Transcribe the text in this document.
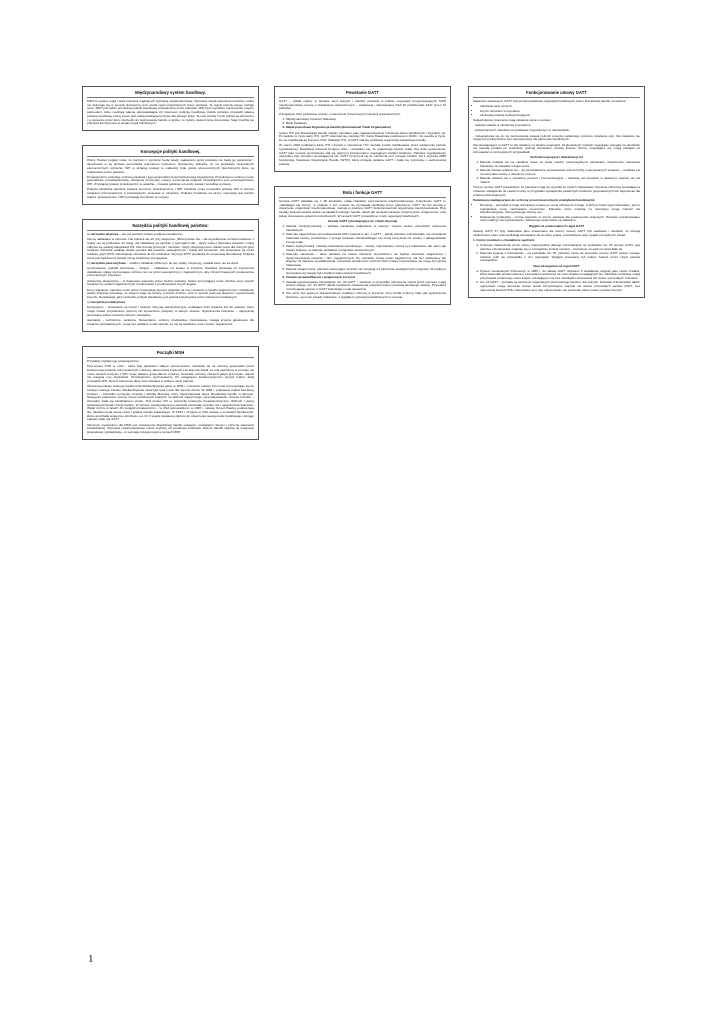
Międzynarodowy system handlowy.

MSH to system reguł i praw instytucji rządzących wymianą międzynarodową. Wymiana międzynarodowa towarów i usług nie dokonuje się w sposób chaotyczny lecz wedle reguł uzgodnionych przez państwa. Te reguły tworzą swego rodzaju ramy. MSH jest także pochodną polityki handlowej prowadzonej przez państwa. MSH jest wynikiem kompromisu między partnerami, które realizują własną odpowiadającą ich interesom politykę handlową. Każde państwo prowadzi własną politykę handlową, której celem jest maksymalizacja korzyści dla danego kraju. Te cele każdej z tych polityk są sprzeczne i w stosunku przez który dochodzi do zaprzestania handlu w Igdzie, co byłoby niekorzystne dla państw. Stąd zrodziła się potrzeba kompromisu w postaci reguł handlowych.

Koncepcje polityki handlowej.

Wolny Handel pogląd mówi, że korzyści z wymiany będą wtedy największe jeżeli państwa nie będą jej ograniczać i decydować w tej sprawie pozostawią podmiotom rynkowym. Zwolennicy twierdzą, że na podstawie racjonalnych ekonomicznych wyborów. WH w skrajnej postaci to całkowity brak granic ekonomicznych (kontrolnych) które są realizowane przez państwo.

Protekcjonizm: postuluje ochronę państwa i jego gospodarki przed konkurencją zagraniczną. Przedmiotem ochrony może gospodarka, przedsiębiorstwa, określone przemysły, towary, konsumpcja krajowa. Protekcjonizm jest przeciwieństwem WH. W skrajnej postaci protekcjonizm to autarkia – izolacja państwa od reszty świata i wszelkiej wymiany.

Polityka handlowa państwa zawiera elementy protekcjonizmu i WH. Państwa może prowadzić politykę WH w obrocie towarami przemysłowymi a protekcjonizm stosować w rolnictwie. Polityka handlowa od strony motywacji jest bardzo ważna -protekcjonizm i WH pozwalają zrozumieć te motywy.

Narzędzia polityki handlowej państwa:

a) narzędzia taryfowe – cła (od wartości towaru podanej na fakturze)

Cła są nakładane w imporcie. Nie pobiera się ich przy eksporcie. (Rzeczywiste cła – cła są pobierane od wielu towarów, z reguły nie są pobierane od usług; cła nakładane są zgodnie z wymogami UE – taryfy celne.) Wymiana towarów i usług odbywa się według klasyfikacji HS. Cła chronią przemysł i rolnictwo. Taryfy obejmują różne stawki celne dla różnych grup towarów. Państwa ustalają stawki wysokie dla towarów strategicznych i niskie dla surowców. Cła stosowane są coraz rzadziej, gdyż WTO zobowiązuje członków do ich obniżania. Wymogi WTO prowadzą do stopniowej liberalizacji. Polityka celna jest zależna od polityki celnej wspólnoty europejskiej.

b) narzędzia para-taryfowe – środki o działaniu zbliżonym do ceł; opłaty i depozyty, podatki które nie są cłami.

wyrównawcze podatki importowe – Aliquot – nakładane na towary w imporcie. Państwa pobierają od importerów dodatkowe opłaty wyrównujące różnicę cen na rynku wewnętrznym i zagranicznym, aby chronić krajowych producentów przed tańszym importem.

subwencje eksportowe – to finansowe wsparcie przez budżet państwa. Sektor korzystający może obniżać ceny swoich towarów na rynkach zagranicznych i konkurować z producentami innych krajów.

kursy walutowe: państwo może przez manipulację kursem wpływać na ceny towarów w handlu zagranicznym. Osłabienie waluty krajowej powoduje, że eksport staje się tańszy, a import droższy. Jest to sposób promocji eksportu i ograniczania importu. Dewaluacja, jako narzędzie polityki handlowej, jest jednak krytykowana przez partnerów handlowych.

c) narzędzia pozataryfowe

kontyngenty – stosowane na import i eksport. Decyzje administracyjne, ustalające ilość towarów lub ich wartość, które mogą zostać przywiezione (import) lub wywiezione (eksport) w danym okresie. Ograniczenia ilościowe – najczęściej stosowane wobec towarów rolnych i tekstyliów.

standardy – techniczne, sanitarne, fitosanitarne, ochrony środowiska. Ustanawiane zostają kryteria jakościowe dla towarów sprowadzanych, mogą być ustalane w taki sposób, że nie są spełniane przez towary zagraniczne.

Początki MSH

Przykłady utylitarnego protekcjonizmu:

Pod koniec XVIII w. USA – które były państwem słabym ekonomicznie, nastawiły się na ochronę gospodarki przed konkurencją towarów przemysłowych z Europy. Ekonomista Fryderyk List argumentował, że kraj opóźniony w rozwoju nie może odnieść korzyści z WH. Kraje słabsze gospodarczo powinny stosować ochronę młodych gałęzi przemysłu, dopóki nie osiągną one dojrzałości. Protekcjonizm wychowawczy. Po osiągnięciu konkurencyjności pozycji należy dalej prowadzić WH. Idea ta była przez długi czas wiodąca w polityce wielu państw.

Obszarną politykę wolnego handlu była Wielka Brytania gdzie w 1846 r. zniesiono ustawy Corn Law przyczyniając się do rozwoju wolnego handlu. Wielka Brytania otworzyła swój rynek dla importu zboża. W 1860 r. podpisano traktat handlowy Cobden – Chevalier pomiędzy Francją i Wielką Brytanią, który zapoczątkował okres liberalizacji handlu w Europie. Następnie podpisano szereg umów handlowych opartych na klauzuli najwyższego uprzywilejowania. Umowa Cobden – Chevalier stała się katalizatorem zmian. Pod koniec XIX w. powróciły tendencje protekcjonistyczne. Wybuch I wojny światowej przerwał rozwój handlu. W okresie międzywojennym państwa stosowały wysokie cła i ograniczenia ilościowe. Wielki kryzys w latach 30. pogłębił protekcjonizm – w USA wprowadzono w 1930 r. ustawę Smoot-Hawley podnoszącą cła. Skutkiem była wojna celna i spadek handlu światowego. W 1934 r. przyjęto w USA ustawę o umowach handlowych, która umożliwiła wzajemne obniżanie ceł. Po II wojnie światowej dążono do utworzenia nowego ładu handlowego, którego efektem stało się GATT.

Obecnym wyzwaniem dla MSH jest zwiększenie liberalizacji handlu usługami, produktami rolnymi i ochrona własności intelektualnej. Wymiana międzynarodowa rośnie szybciej niż produkcja światowa. Wzrost handlu wpływa na integrację gospodarek i globalizację, co wymaga rozwoju reguł w ramach MSH.

Powstanie GATT

GATT – (układ ogólny w sprawie taryf celnych i handlu) państwa w trakcie negocjacji przygotowujących MSH międzynarodową umowę o charakterze wielostronnym – podpisana i zainicjowana USA 30 października 1947 przez 23 państwa.

Z inicjatywy USA podpisano umowy o utworzeniu 3 kluczowych instytucji gospodarczych:

1. Międzynarodowy Fundusz Walutowy
2. Bank Światowy
3. Międzynarodowa Organizacja Handlu (International Trade Organization)

Celem ITO jest liberalizacja handlu między narodami, jako zagwarantowanie zniesienia barier handlowych i wysokich ceł. Po wejściu w życie karty ITO, GATT miał stać się częścią ITO. Karta Hawańska podpisana w 1948 r. nie weszła w życie, bo nie ratyfikował jej Kongres USA. Zabrakło ITO, a GATT stał się podstawą organizacji światowego handlu.

W marcu 1948 podpisano kartę ITO. Umowa o utworzeniu ITO musiała zostać ratyfikowana przez parlamenty państw sygnatariuszy. Ratyfikacji odmówił Kongres USA – obawiano się, że organizacja będzie miała zbyt duże uprawnienia. GATT jako umowa tymczasowa stał się jedynym instrumentem regulującym handel światowy. Państwa sygnatariusze nazywane były stronami umawiającymi się. GATT przyczynił się do obniżenia ceł i rozwoju handlu. Od 1 stycznia 1995 funkcjonuje Światowa Organizacja Handlu (WTO), która przejęła zadania GATT i stała się instytucją z osobowością prawną.

Rola i funkcje GATT

Umowa GATT składała się z 38 artykułów, miała charakter porozumienia międzyrządowego. Członkowie GATT to „układające się strony”, w związku z tym umowa nie wymagała ratyfikacji przez parlamenty. GATT nie był umową o utworzeniu organizacji międzynarodowej. Jednak w praktyce GATT funkcjonował jak organizacja międzynarodowa. Były zasady funkcjonowania oparte na ideałach wolnego handlu, takich jak niedyskryminacja, przejrzystość, wzajemność, oraz zakaz stosowania ograniczeń ilościowych. W ramach GATT prowadzono rundy negocjacji handlowych.

Zasady GATT (obowiązujące do chwili obecnej)

1. Zasada niedyskryminacji – polityka handlowa traktowana w równym stopniu wobec wszystkich partnerów handlowych.
2. Klauzula najwyższego uprzywilejowania KNU zawarta w art. 1 GATT – każde państwo członkowskie ma obowiązek traktować towary pochodzące z innego państwa członkowskiego nie mniej korzystnie niż towary z jakiegokolwiek innego kraju.
3. Zakaz dyskryminacji: zasadą traktowania narodowego – towary importowane muszą być traktowane tak samo jak towary krajowe, w zakresie podatków i przepisów wewnętrznych.
4. Klauzula narodowa – dane państwo na swoim obszarze terytorialnym nie będzie stosować zagraniczne i dyskryminowania towarów i firm zagranicznych. Po odprawie celnej towar zagraniczny ma być traktowany jak krajowy. W zakresie opodatkowania, przepisów sanitarnych i technicznych towary importowane nie mogą być gorzej traktowane.
5. Zasada wzajemności: państwa dokonujące obniżek ceł oczekują od partnerów analogicznych ustępstw. W praktyce stosowanie tej zasady było źródłem wielu sporów handlowych.
6. Zasada sprawiedliwości i wzajemnych korzyści
7. Zasada egzekwowania zobowiązań: art. 22 GATT – państwa w przypadku naruszenia zasad przez partnera mogą wnieść skargę. Art. 23 GATT dawał możliwość zawieszenia ustępstw wobec państwa łamiącego zasady. Procedura rozstrzygania sporów w GATT była długa i mało skuteczna.
8. Cło może być jedynym dopuszczalnym środkiem ochrony w imporcie. Inne środki ochrony, takie jak ograniczenia ilościowe, są co do zasady zakazane, z wyjątkiem sytuacji przewidzianych w umowie.
Funkcjonowanie umowy GATT

Zadaniem statutowym GATT było przeprowadzanie negocjacji handlowych celem liberalizacji handlu na świecie:

• obniżanie taryf celnych,
• innych utrudnień w wymianie,
• eliminacja praktyk dyskryminujących.

Najważniejsze znaczenie mają ustalenia celne w postaci:

- redukcji stawek w określonej procedurze,

- zwiększania ich zasobów na podstawie uzgodnionym w rokowaniach,

- zobowiązania się do nie podnoszenia stawek celnych powyżej ustalonego poziomu (wiązanie ceł). Cła związane nie mogą być podwyższane bez rekompensaty dla partnerów handlowych.

Cła obowiązujące w GATT to cła ustalone na drodze negocjacji. W pierwszych rundach negocjacje polegały na obniżaniu ceł metodą produkt po produkcie, później stosowano metody liniowe. Strony umawiające się mogą odstąpić od zobowiązań w szczególnych przypadkach.

Techniki negocjacji i liberalizacji ceł

1. Metoda redukcji ceł na zasadzie towar za towar między poszczególnymi państwami. Dwustronne rokowania handlowe na zasadzie wzajemności.
2. Metoda liniowa redukcji ceł – jej wprowadzenie spowodowało wzrost liczby negocjowanych towarów – redukcja ceł na wszystkie towary o określony procent.
3. Metoda redukcji ceł o określony procent i harmonizacyjna – redukcja ceł wysokich w większym stopniu niż ceł niskich.

Twórcy umowy GATT przewidzieli, że państwa mogą się wycofać ze swoich zobowiązań. Klauzule ochronne pozwalają na czasowe odstąpienie od zasad umowy w przypadku wystąpienia poważnych trudności gospodarczych lub zagrożenia dla producentów krajowych.

Państwa posiadają prawo do ochrony przed nieuczciwymi praktykami handlowymi:

• Dumping – sprzedaż w kraju docelowym towaru po cenie niższej niż w kraju, w którym towar wyprodukowano, jest to manipulacja ceną, zachowanie nieuczciwe. Państwa, które ucierpią na dumpingu mogą nałożyć cła antydumpingowe. Cła wyrównują różnicę cen.
• Subwencja (subsydia) – forma wsparcia ze strony państwa dla producentów krajowych. Państwo poszkodowane może nałożyć cła wyrównawcze. Subwencje eksportowe są zakazane.

Wyjątki od uniwersalnych reguł GATT

Zasady GATT 47 były traktowane jako uniwersalne ale twórcy umowy GATT byli realistami i wiedzieli, że istnieją okoliczności, które uniemożliwiają stosowanie się do litery prawa, przewidziano więc wyjątki od ogólnych zasad.

1. Formy zwolnień o charakterze ogólnym

a. Czasowe zawieszenie przez strony wykonywania danego zobowiązania na podstawie art. 25 umowy GATT, gdy państwo członkowskie znajduje się w szczególnie trudnej sytuacji – zwolnienie na ogół na okres kilku lat.
b. Klauzula wyjęcia z zobowiązań – na podstawie art. 35, państwo może nie stosować umowy GATT wobec nowego członka, jeśli nie prowadziło z nim negocjacji. Wyjątek stosowany był wobec Japonii przez część państw europejskich.

Dwa odstępstwa od reguł GATT

a. System Generalnych Preferencji: w 1965 r. do układu GATT dopisano 3 dodatkowe artykuły jako część czwartą, która zawierała postanowienia o stosowaniu preferencji na rzecz krajów rozwijających się. Państwa rozwinięte mogą przyznawać preferencje celne krajom rozwijającym się bez obowiązku stosowania ich wobec pozostałych członków.
b. Art. 24 GATT – zezwala na tworzenie regionalnych stref wolnego handlu i unii celnych. Państwa członkowskie takich ugrupowań mogą stosować wobec siebie korzystniejsze warunki niż wobec pozostałych państw GATT, bez naruszania klauzuli KNU. Warunkiem jest, aby ugrupowanie nie podnosiło barier wobec państw trzecich.
1
